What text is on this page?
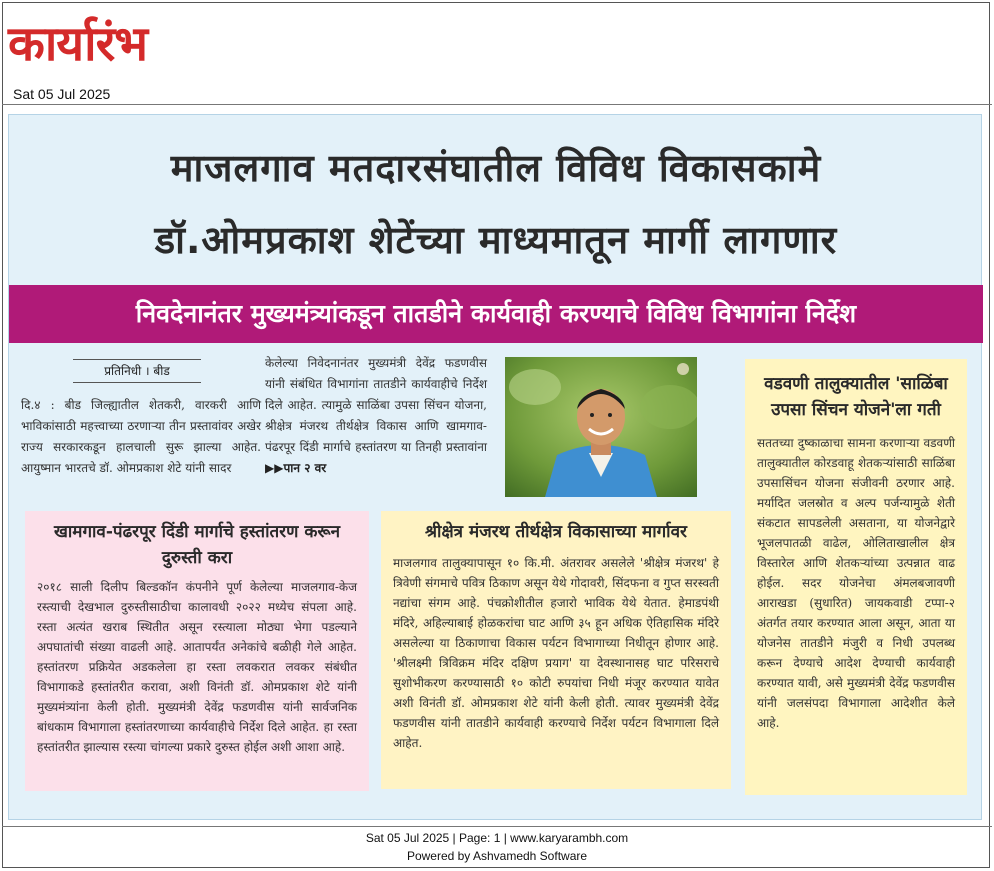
कार्यारंभ
Sat 05 Jul 2025
माजलगाव मतदारसंघातील विविध विकासकामे
डॉ.ओमप्रकाश शेटेंच्या माध्यमातून मार्गी लागणार
निवदेनानंतर मुख्यमंत्र्यांकडून तातडीने कार्यवाही करण्याचे विविध विभागांना निर्देश
प्रतिनिधी । बीड
दि.४ : बीड जिल्ह्यातील शेतकरी, वारकरी आणि भाविकांसाठी महत्त्वाच्या ठरणाऱ्या तीन प्रस्तावांवर अखेर राज्य सरकारकडून हालचाली सुरू झाल्या आहेत. आयुष्मान भारतचे डॉ. ओमप्रकाश शेटे यांनी सादर
केलेल्या निवेदनानंतर मुख्यमंत्री देवेंद्र फडणवीस यांनी संबंधित विभागांना तातडीने कार्यवाहीचे निर्देश दिले आहेत. त्यामुळे साळिंबा उपसा सिंचन योजना, श्रीक्षेत्र मंजरथ तीर्थक्षेत्र विकास आणि खामगाव-पंढरपूर दिंडी मार्गाचे हस्तांतरण या तिनही प्रस्तावांना ▶▶पान २ वर
खामगाव-पंढरपूर दिंडी मार्गाचे हस्तांतरण करून दुरुस्ती करा

२०१८ साली दिलीप बिल्डकॉन कंपनीने पूर्ण केलेल्या माजलगाव-केज रस्त्याची देखभाल दुरुस्तीसाठीचा कालावधी २०२२ मध्येच संपला आहे. रस्ता अत्यंत खराब स्थितीत असून रस्त्याला मोठ्या भेगा पडल्याने अपघातांची संख्या वाढली आहे. आतापर्यंत अनेकांचे बळीही गेले आहेत. हस्तांतरण प्रक्रियेत अडकलेला हा रस्ता लवकरात लवकर संबंधीत विभागाकडे हस्तांतरीत करावा, अशी विनंती डॉ. ओमप्रकाश शेटे यांनी मुख्यमंत्र्यांना केली होती. मुख्यमंत्री देवेंद्र फडणवीस यांनी सार्वजनिक बांधकाम विभागाला हस्तांतरणाच्या कार्यवाहीचे निर्देश दिले आहेत. हा रस्ता हस्तांतरीत झाल्यास रस्त्या चांगल्या प्रकारे दुरुस्त होईल अशी आशा आहे.

श्रीक्षेत्र मंजरथ तीर्थक्षेत्र विकासाच्या मार्गावर

माजलगाव तालुक्यापासून १० कि.मी. अंतरावर असलेले 'श्रीक्षेत्र मंजरथ' हे त्रिवेणी संगमाचे पवित्र ठिकाण असून येथे गोदावरी, सिंदफना व गुप्त सरस्वती नद्यांचा संगम आहे. पंचक्रोशीतील हजारो भाविक येथे येतात. हेमाडपंथी मंदिरे, अहिल्याबाई होळकरांचा घाट आणि ३५ हून अधिक ऐतिहासिक मंदिरे असलेल्या या ठिकाणाचा विकास पर्यटन विभागाच्या निधीतून होणार आहे. 'श्रीलक्ष्मी त्रिविक्रम मंदिर दक्षिण प्रयाग' या देवस्थानासह घाट परिसराचे सुशोभीकरण करण्यासाठी १० कोटी रुपयांचा निधी मंजूर करण्यात यावेत अशी विनंती डॉ. ओमप्रकाश शेटे यांनी केली होती. त्यावर मुख्यमंत्री देवेंद्र फडणवीस यांनी तातडीने कार्यवाही करण्याचे निर्देश पर्यटन विभागाला दिले आहेत.

वडवणी तालुक्यातील 'साळिंबा उपसा सिंचन योजने'ला गती

सततच्या दुष्काळाचा सामना करणाऱ्या वडवणी तालुक्यातील कोरडवाहू शेतकऱ्यांसाठी साळिंबा उपसासिंचन योजना संजीवनी ठरणार आहे. मर्यादित जलस्रोत व अल्प पर्जन्यामुळे शेती संकटात सापडलेली असताना, या योजनेद्वारे भूजलपातळी वाढेल, ओलिताखालील क्षेत्र विस्तारेल आणि शेतकऱ्यांच्या उत्पन्नात वाढ होईल. सदर योजनेचा अंमलबजावणी आराखडा (सुधारित) जायकवाडी टप्पा-२ अंतर्गत तयार करण्यात आला असून, आता या योजनेस तातडीने मंजुरी व निधी उपलब्ध करून देण्याचे आदेश देण्याची कार्यवाही करण्यात यावी, असे मुख्यमंत्री देवेंद्र फडणवीस यांनी जलसंपदा विभागाला आदेशीत केले आहे.

Sat 05 Jul 2025 | Page: 1 | www.karyarambh.com
Powered by Ashvamedh Software
